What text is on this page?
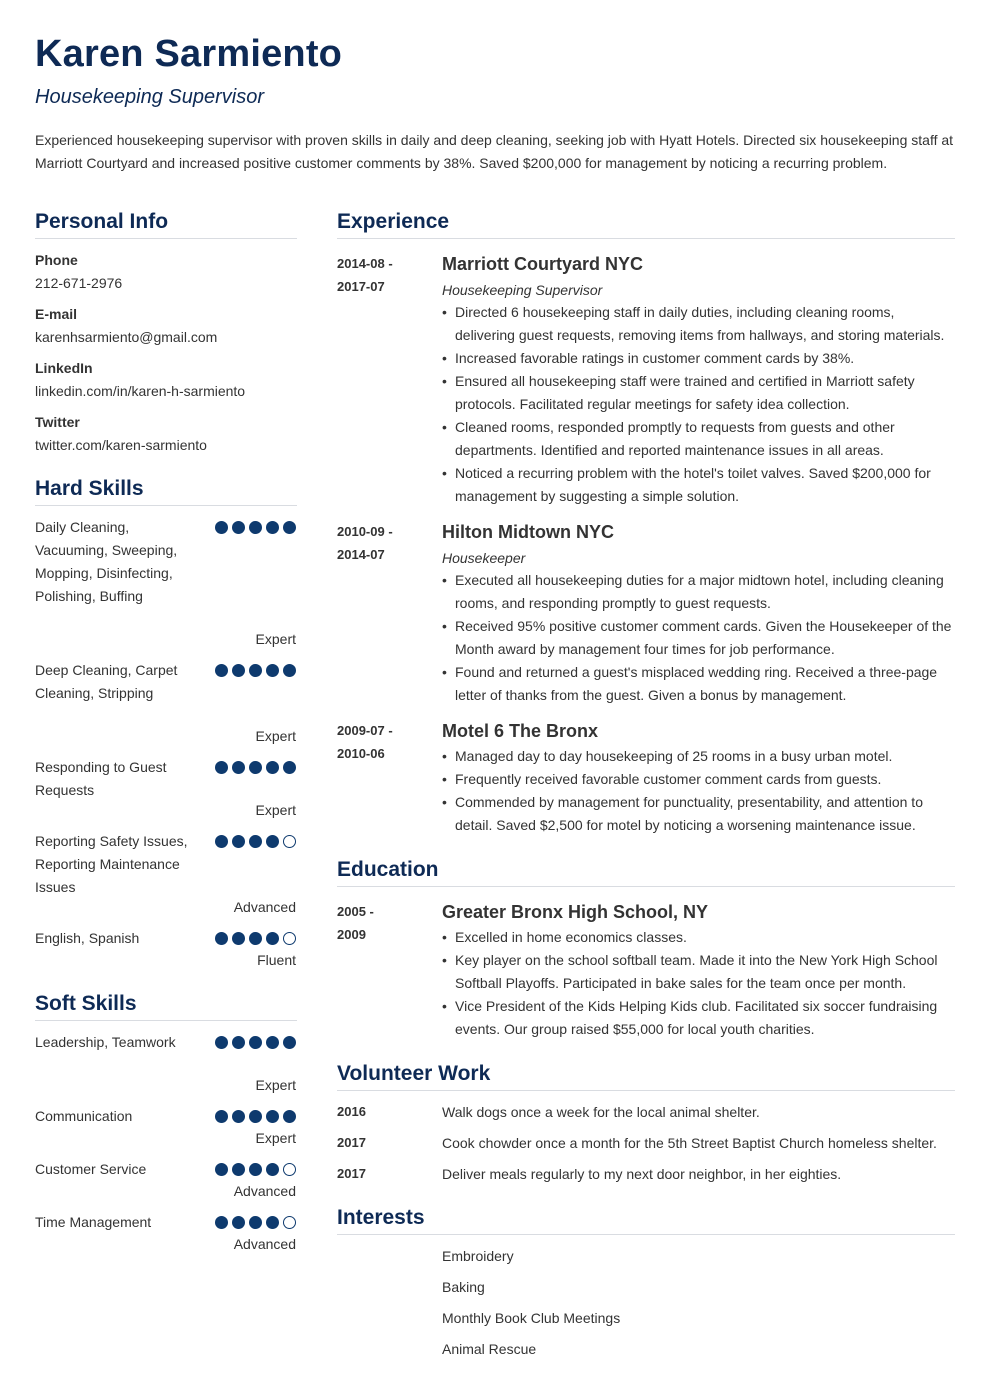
Karen Sarmiento
Housekeeping Supervisor

Experienced housekeeping supervisor with proven skills in daily and deep cleaning, seeking job with Hyatt Hotels. Directed six housekeeping staff at Marriott Courtyard and increased positive customer comments by 38%. Saved $200,000 for management by noticing a recurring problem.

Personal Info
Phone
212-671-2976
E-mail
karenhsarmiento@gmail.com
LinkedIn
linkedin.com/in/karen-h-sarmiento
Twitter
twitter.com/karen-sarmiento
Hard Skills
Daily Cleaning, Vacuuming, Sweeping, Mopping, Disinfecting, Polishing, Buffing
Expert
Deep Cleaning, Carpet Cleaning, Stripping
Expert
Responding to Guest Requests
Expert
Reporting Safety Issues, Reporting Maintenance Issues
Advanced
English, Spanish
Fluent
Soft Skills
Leadership, Teamwork
Expert
Communication
Expert
Customer Service
Advanced
Time Management
Advanced
Experience
2014-08 -
2017-07
Marriott Courtyard NYC
Housekeeping Supervisor
• Directed 6 housekeeping staff in daily duties, including cleaning rooms, delivering guest requests, removing items from hallways, and storing materials.
• Increased favorable ratings in customer comment cards by 38%.
• Ensured all housekeeping staff were trained and certified in Marriott safety protocols. Facilitated regular meetings for safety idea collection.
• Cleaned rooms, responded promptly to requests from guests and other departments. Identified and reported maintenance issues in all areas.
• Noticed a recurring problem with the hotel's toilet valves. Saved $200,000 for management by suggesting a simple solution.
2010-09 -
2014-07
Hilton Midtown NYC
Housekeeper
• Executed all housekeeping duties for a major midtown hotel, including cleaning rooms, and responding promptly to guest requests.
• Received 95% positive customer comment cards. Given the Housekeeper of the Month award by management four times for job performance.
• Found and returned a guest's misplaced wedding ring. Received a three-page letter of thanks from the guest. Given a bonus by management.
2009-07 -
2010-06
Motel 6 The Bronx
• Managed day to day housekeeping of 25 rooms in a busy urban motel.
• Frequently received favorable customer comment cards from guests.
• Commended by management for punctuality, presentability, and attention to detail. Saved $2,500 for motel by noticing a worsening maintenance issue.
Education
2005 -
2009
Greater Bronx High School, NY
• Excelled in home economics classes.
• Key player on the school softball team. Made it into the New York High School Softball Playoffs. Participated in bake sales for the team once per month.
• Vice President of the Kids Helping Kids club. Facilitated six soccer fundraising events. Our group raised $55,000 for local youth charities.
Volunteer Work
2016	Walk dogs once a week for the local animal shelter.
2017	Cook chowder once a month for the 5th Street Baptist Church homeless shelter.
2017	Deliver meals regularly to my next door neighbor, in her eighties.
Interests
Embroidery
Baking
Monthly Book Club Meetings
Animal Rescue
